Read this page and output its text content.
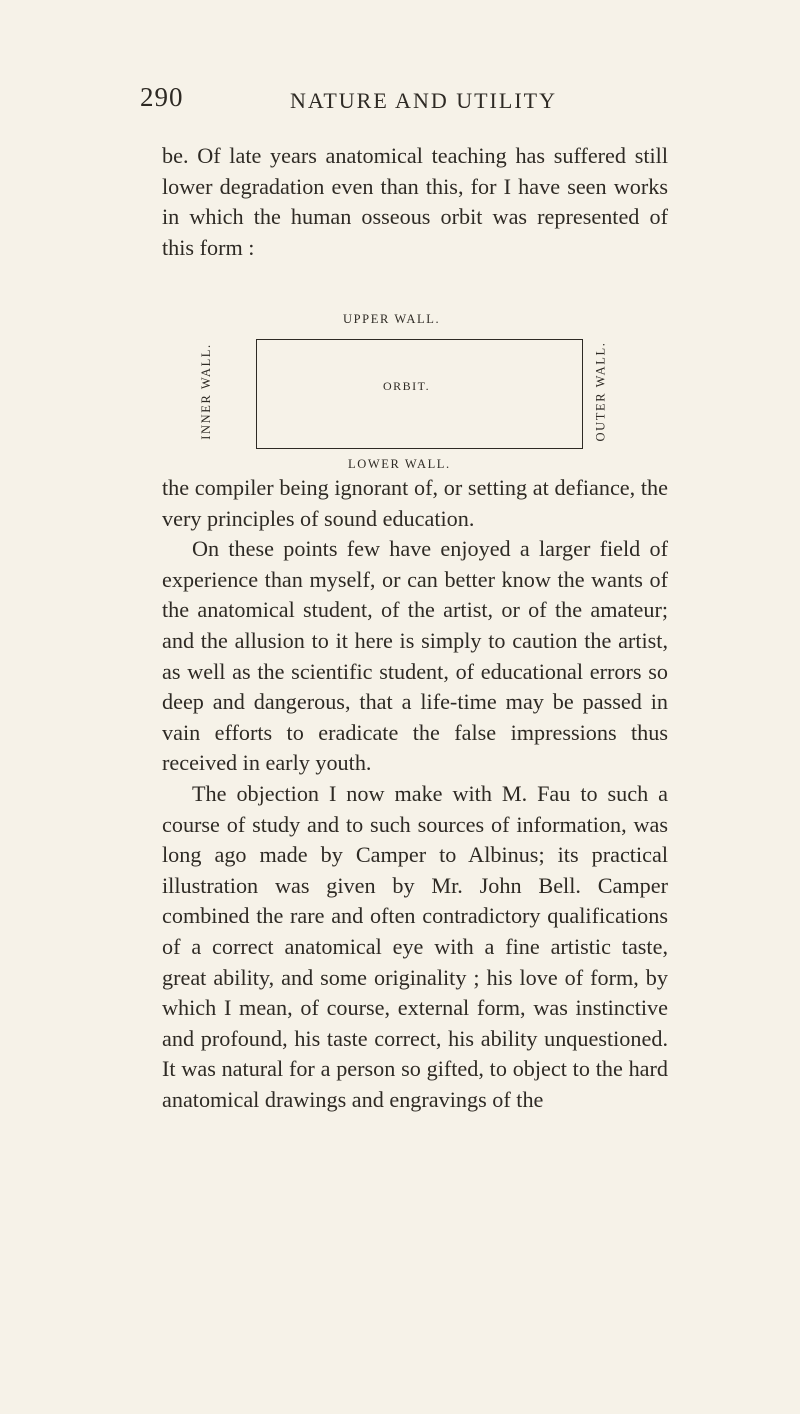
290	NATURE AND UTILITY

be. Of late years anatomical teaching has suffered still lower degradation even than this, for I have seen works in which the human osseous orbit was represented of this form :

UPPER WALL.
INNER WALL.	ORBIT.	OUTER WALL.
LOWER WALL.

the compiler being ignorant of, or setting at defiance, the very principles of sound education.

On these points few have enjoyed a larger field of experience than myself, or can better know the wants of the anatomical student, of the artist, or of the amateur; and the allusion to it here is simply to caution the artist, as well as the scientific student, of educational errors so deep and dangerous, that a life-time may be passed in vain efforts to eradicate the false impressions thus received in early youth.

The objection I now make with M. Fau to such a course of study and to such sources of information, was long ago made by Camper to Albinus; its practical illustration was given by Mr. John Bell. Camper combined the rare and often contradictory qualifications of a correct anatomical eye with a fine artistic taste, great ability, and some originality ; his love of form, by which I mean, of course, external form, was instinctive and profound, his taste correct, his ability unquestioned. It was natural for a person so gifted, to object to the hard anatomical drawings and engravings of the
